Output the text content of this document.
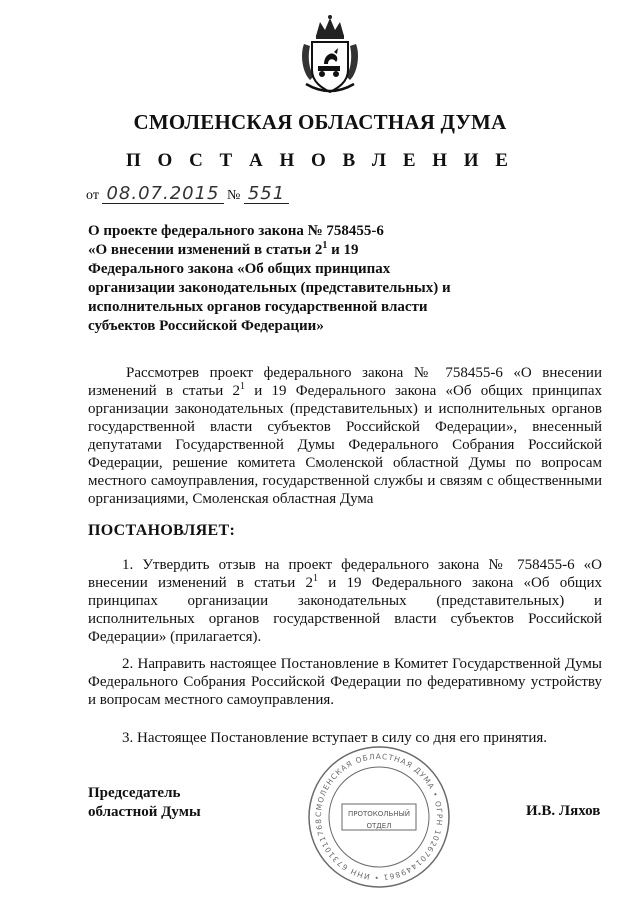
СМОЛЕНСКАЯ ОБЛАСТНАЯ ДУМА
П О С Т А Н О В Л Е Н И Е
от 08.07.2015 № 551
О проекте федерального закона № 758455-6
«О внесении изменений в статьи $2^1$ и 19
Федерального закона «Об общих принципах
организации законодательных (представительных) и
исполнительных органов государственной власти
субъектов Российской Федерации»
Рассмотрев проект федерального закона № 758455-6 «О внесении изменений в статьи $2^1$ и 19 Федерального закона «Об общих принципах организации законодательных (представительных) и исполнительных органов государственной власти субъектов Российской Федерации», внесенный депутатами Государственной Думы Федерального Собрания Российской Федерации, решение комитета Смоленской областной Думы по вопросам местного самоуправления, государственной службы и связям с общественными организациями, Смоленская областная Дума
ПОСТАНОВЛЯЕТ:
1. Утвердить отзыв на проект федерального закона № 758455-6 «О внесении изменений в статьи $2^1$ и 19 Федерального закона «Об общих принципах организации законодательных (представительных) и исполнительных органов государственной власти субъектов Российской Федерации» (прилагается).
2. Направить настоящее Постановление в Комитет Государственной Думы Федерального Собрания Российской Федерации по федеративному устройству и вопросам местного самоуправления.
3. Настоящее Постановление вступает в силу со дня его принятия.
Председатель
областной Думы	СМОЛЕНСКАЯ ОБЛАСТНАЯ ДУМА • ОГРН 1026701449861 • ИНН 6731011768
ПРОТОКОЛЬНЫЙ
ОТДЕЛ
И.В. Ляхов
